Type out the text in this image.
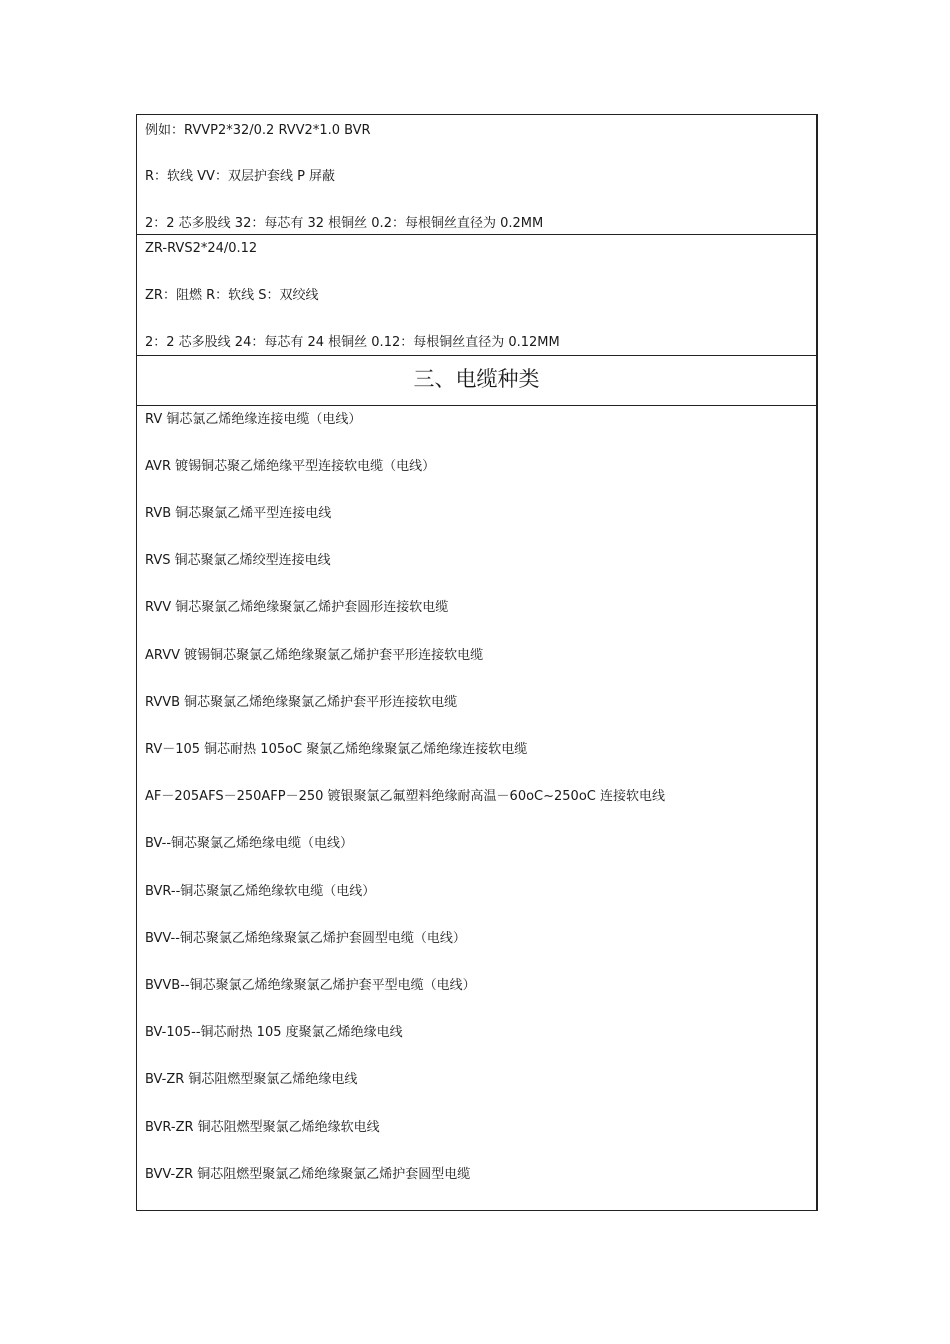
例如：RVVP2*32/0.2 RVV2*1.0 BVR
R：软线 VV：双层护套线 P 屏蔽
2：2 芯多股线 32：每芯有 32 根铜丝 0.2：每根铜丝直径为 0.2MM

ZR-RVS2*24/0.12
ZR：阻燃 R：软线 S：双绞线
2：2 芯多股线 24：每芯有 24 根铜丝 0.12：每根铜丝直径为 0.12MM

三、电缆种类

RV 铜芯氯乙烯绝缘连接电缆（电线）
AVR 镀锡铜芯聚乙烯绝缘平型连接软电缆（电线）
RVB 铜芯聚氯乙烯平型连接电线
RVS 铜芯聚氯乙烯绞型连接电线
RVV 铜芯聚氯乙烯绝缘聚氯乙烯护套圆形连接软电缆
ARVV 镀锡铜芯聚氯乙烯绝缘聚氯乙烯护套平形连接软电缆
RVVB 铜芯聚氯乙烯绝缘聚氯乙烯护套平形连接软电缆
RV－105 铜芯耐热 105oC 聚氯乙烯绝缘聚氯乙烯绝缘连接软电缆
AF－205AFS－250AFP－250 镀银聚氯乙氟塑料绝缘耐高温－60oC~250oC 连接软电线
BV--铜芯聚氯乙烯绝缘电缆（电线）
BVR--铜芯聚氯乙烯绝缘软电缆（电线）
BVV--铜芯聚氯乙烯绝缘聚氯乙烯护套圆型电缆（电线）
BVVB--铜芯聚氯乙烯绝缘聚氯乙烯护套平型电缆（电线）
BV-105--铜芯耐热 105 度聚氯乙烯绝缘电线
BV-ZR 铜芯阻燃型聚氯乙烯绝缘电线
BVR-ZR 铜芯阻燃型聚氯乙烯绝缘软电线
BVV-ZR 铜芯阻燃型聚氯乙烯绝缘聚氯乙烯护套圆型电缆
